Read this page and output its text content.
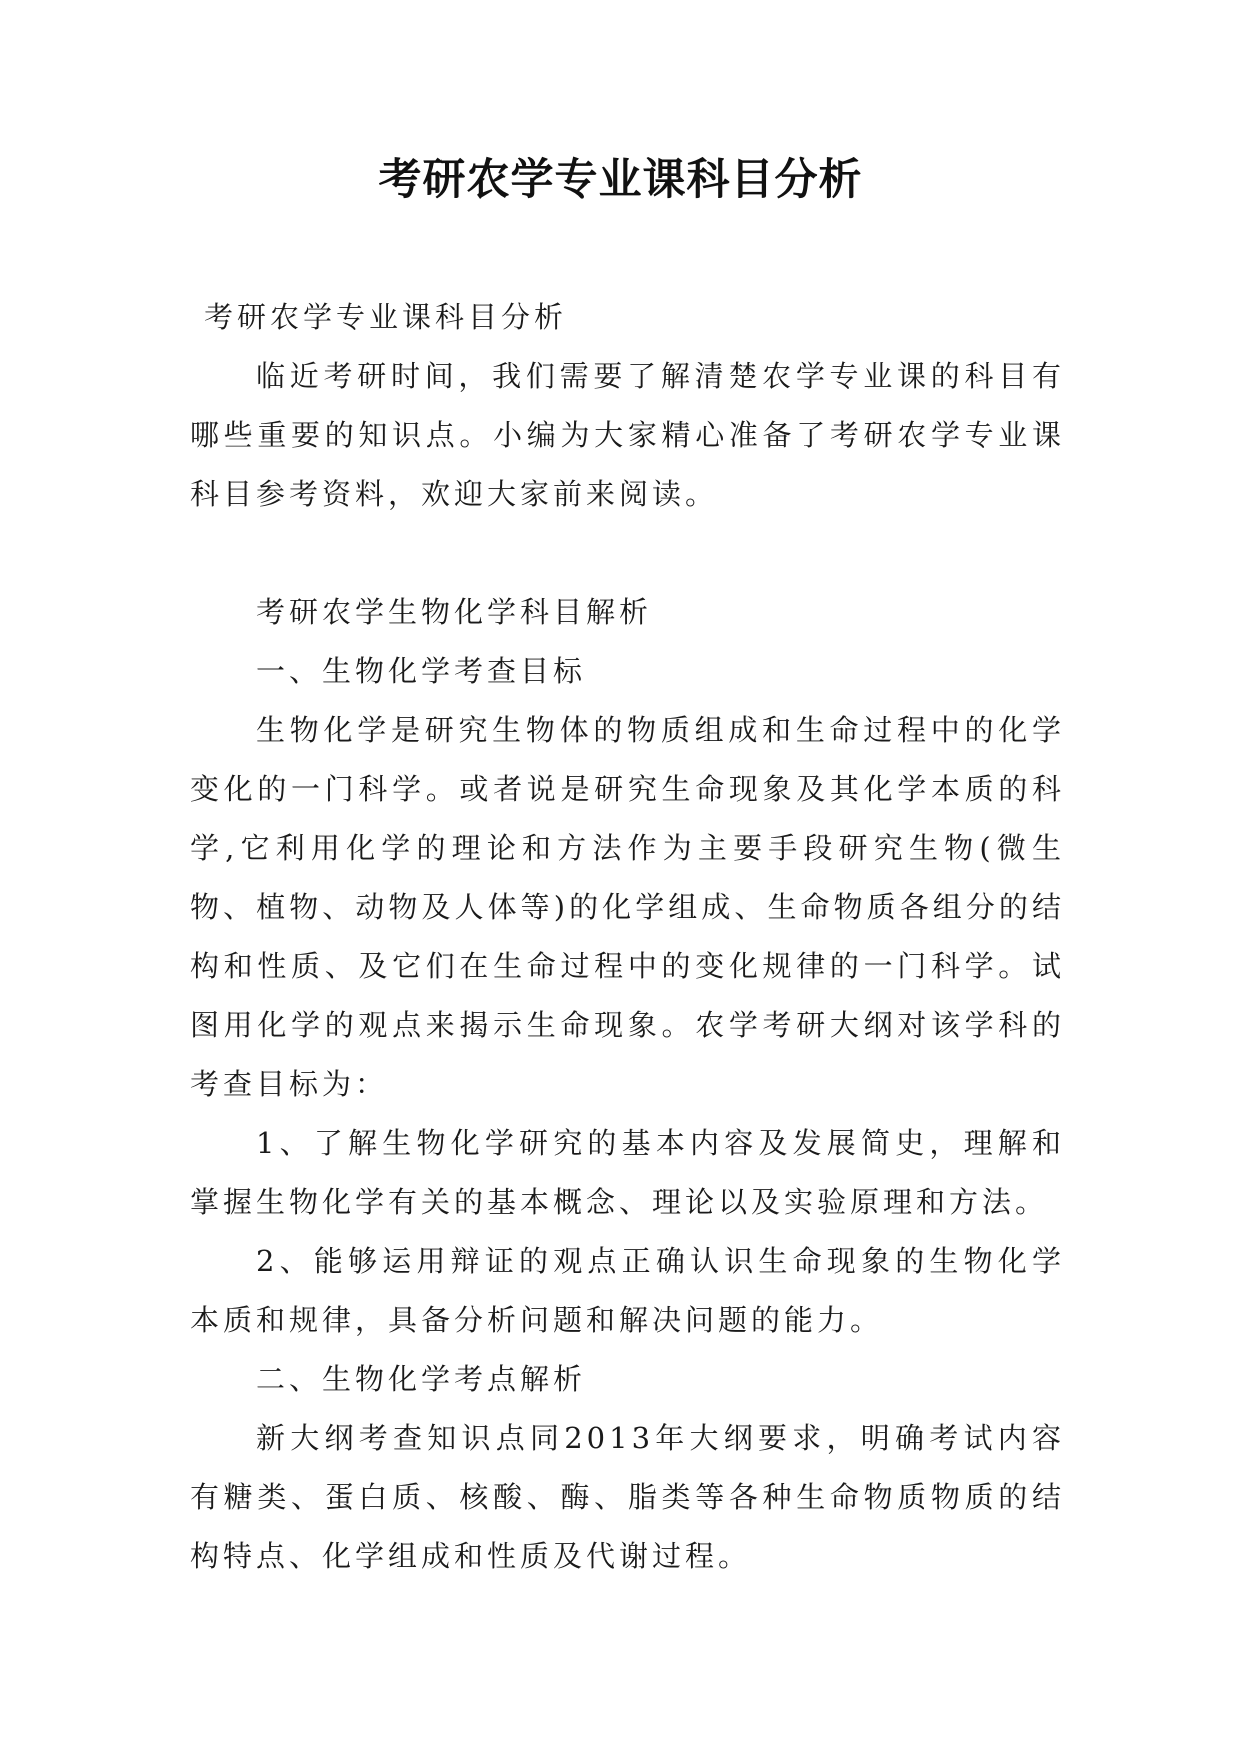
考研农学专业课科目分析

考研农学专业课科目分析

临近考研时间，我们需要了解清楚农学专业课的科目有哪些重要的知识点。小编为大家精心准备了考研农学专业课科目参考资料，欢迎大家前来阅读。

考研农学生物化学科目解析

一、生物化学考查目标

生物化学是研究生物体的物质组成和生命过程中的化学变化的一门科学。或者说是研究生命现象及其化学本质的科学,它利用化学的理论和方法作为主要手段研究生物(微生物、植物、动物及人体等)的化学组成、生命物质各组分的结构和性质、及它们在生命过程中的变化规律的一门科学。试图用化学的观点来揭示生命现象。农学考研大纲对该学科的考查目标为：

1、了解生物化学研究的基本内容及发展简史，理解和掌握生物化学有关的基本概念、理论以及实验原理和方法。

2、能够运用辩证的观点正确认识生命现象的生物化学本质和规律，具备分析问题和解决问题的能力。

二、生物化学考点解析

新大纲考查知识点同2013年大纲要求，明确考试内容有糖类、蛋白质、核酸、酶、脂类等各种生命物质物质的结构特点、化学组成和性质及代谢过程。
